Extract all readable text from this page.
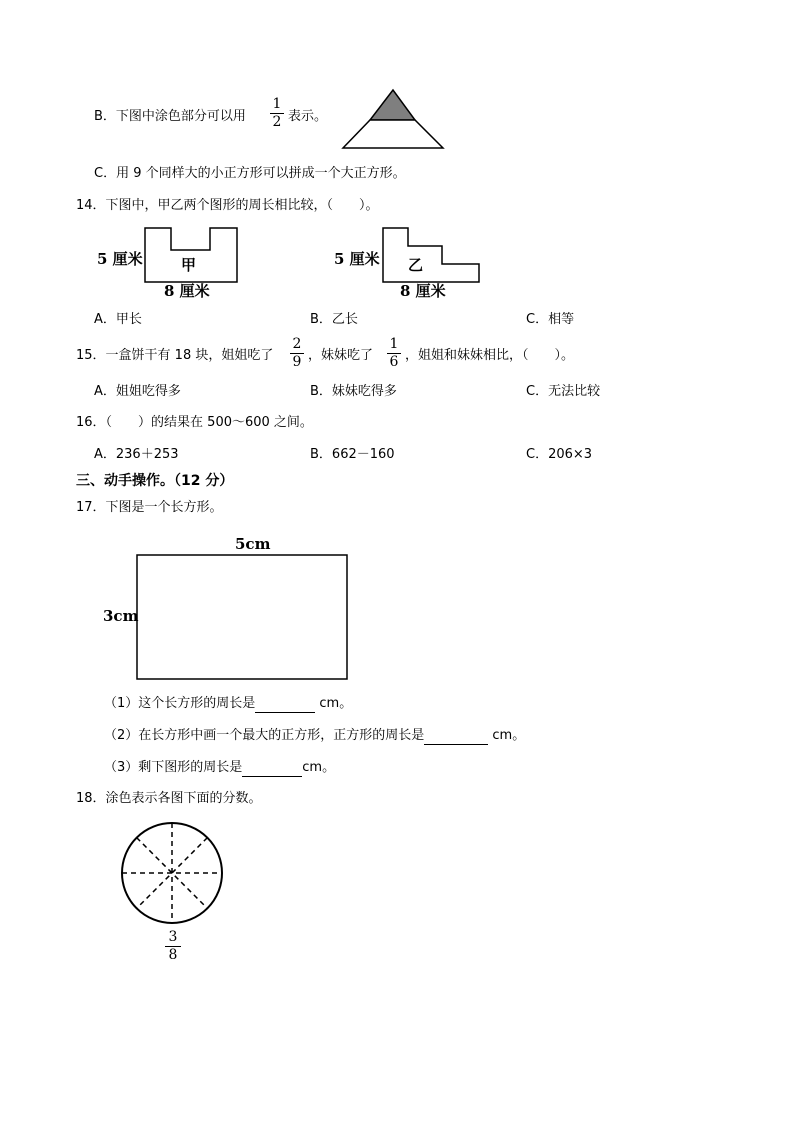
B．下图中涂色部分可以用
1
2 表示。
C．用 9 个同样大的小正方形可以拼成一个大正方形。
14．下图中，甲乙两个图形的周长相比较，（　　）。
5 厘米	甲
8 厘米
5 厘米 乙
8 厘米
A．甲长	B．乙长	C．相等
15．一盒饼干有 18 块，姐姐吃了
2
9 ，妹妹吃了
1
6 ，姐姐和妹妹相比，（　　）。
A．姐姐吃得多	B．妹妹吃得多	C．无法比较
16．（　　）的结果在 500～600 之间。
A．236＋253	B．662－160	C．206×3
三、动手操作。（12 分）
17．下图是一个长方形。
5cm
3cm
（1）这个长方形的周长是	cm。
（2）在长方形中画一个最大的正方形，正方形的周长是	cm。
（3）剩下图形的周长是	cm。
18．涂色表示各图下面的分数。
3
8
